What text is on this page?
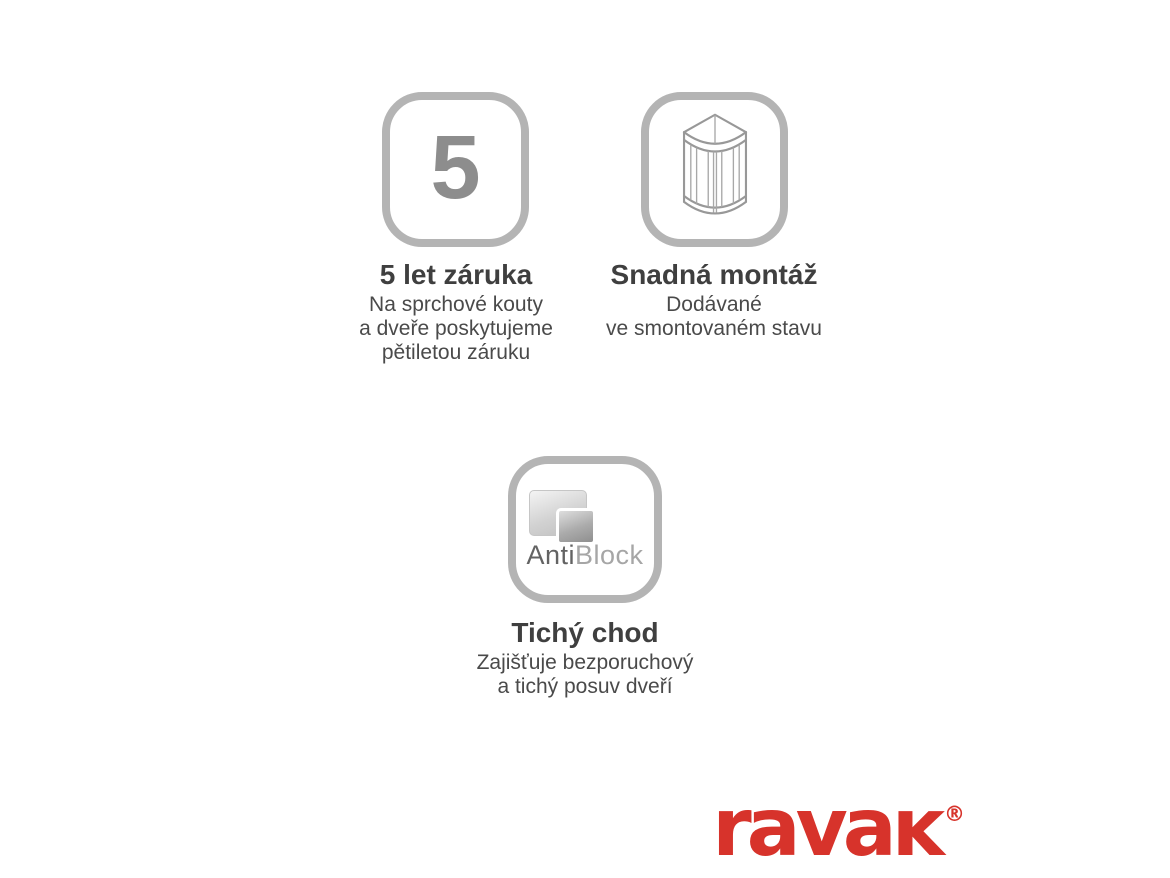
5
AntiBlock
5 let záruka
Na sprchové kouty
a dveře poskytujeme
pětiletou záruku
Snadná montáž
Dodávané
ve smontovaném stavu
Tichý chod
Zajišťuje bezporuchový
a tichý posuv dveří
ravaĸ ®
